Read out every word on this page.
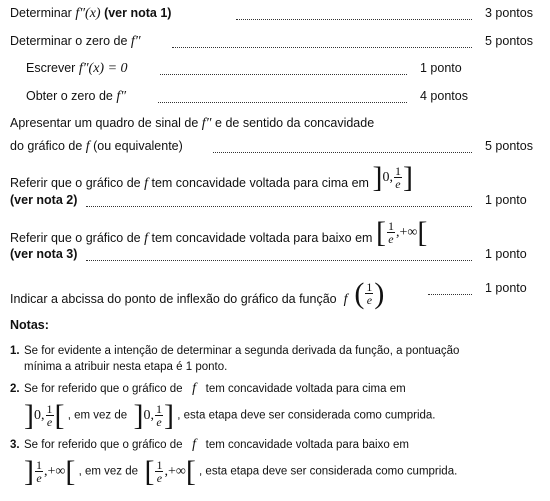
Determinar
f″(x)
(ver nota 1)	3 pontos
Determinar o zero de
f″	5 pontos
Escrever
f″(x) = 0	1 ponto
Obter o zero de
f″	4 pontos
Apresentar um quadro de sinal de
f″
e de sentido da concavidade
do gráfico de
f
(ou equivalente)	5 pontos
Referir que o gráfico de
f
tem concavidade voltada para cima em
] 0 , $\frac{1}{e}$ ]
(ver nota 2)	1 ponto
Referir que o gráfico de
f
tem concavidade voltada para baixo em
[ $\frac{1}{e}$ , +∞ [
(ver nota 3)	1 ponto
Indicar a abcissa do ponto de inflexão do gráfico da função
f
( $\frac{1}{e}$ )	1 ponto
Notas:
1. Se for evidente a intenção de determinar a segunda derivada da função, a pontuação
mínima a atribuir nesta etapa é 1 ponto.
2. Se for referido que o gráfico de f tem concavidade voltada para cima em
] 0 , $\frac{1}{e}$ [ , em vez de ] 0 , $\frac{1}{e}$ ] , esta etapa deve ser considerada como cumprida.
3. Se for referido que o gráfico de f tem concavidade voltada para baixo em
] $\frac{1}{e}$ , +∞ [ , em vez de [ $\frac{1}{e}$ , +∞ [ , esta etapa deve ser considerada como cumprida.
